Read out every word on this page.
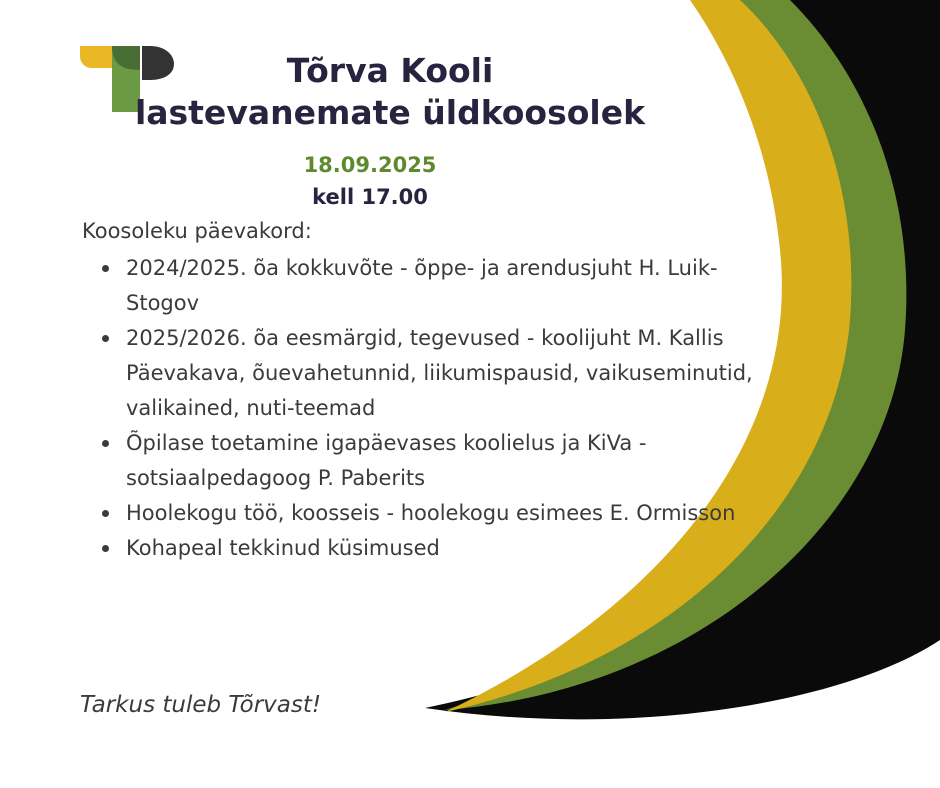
Tõrva Kooli
lastevanemate üldkoosolek
18.09.2025
kell 17.00
Koosoleku päevakord:
2024/2025. õa kokkuvõte - õppe- ja arendusjuht H. Luik-Stogov
2025/2026. õa eesmärgid, tegevused - koolijuht M. Kallis Päevakava, õuevahetunnid, liikumispausid, vaikuseminutid, valikained, nuti-teemad
Õpilase toetamine igapäevases koolielus ja KiVa - sotsiaalpedagoog P. Paberits
Hoolekogu töö, koosseis - hoolekogu esimees E. Ormisson
Kohapeal tekkinud küsimused
Tarkus tuleb Tõrvast!
